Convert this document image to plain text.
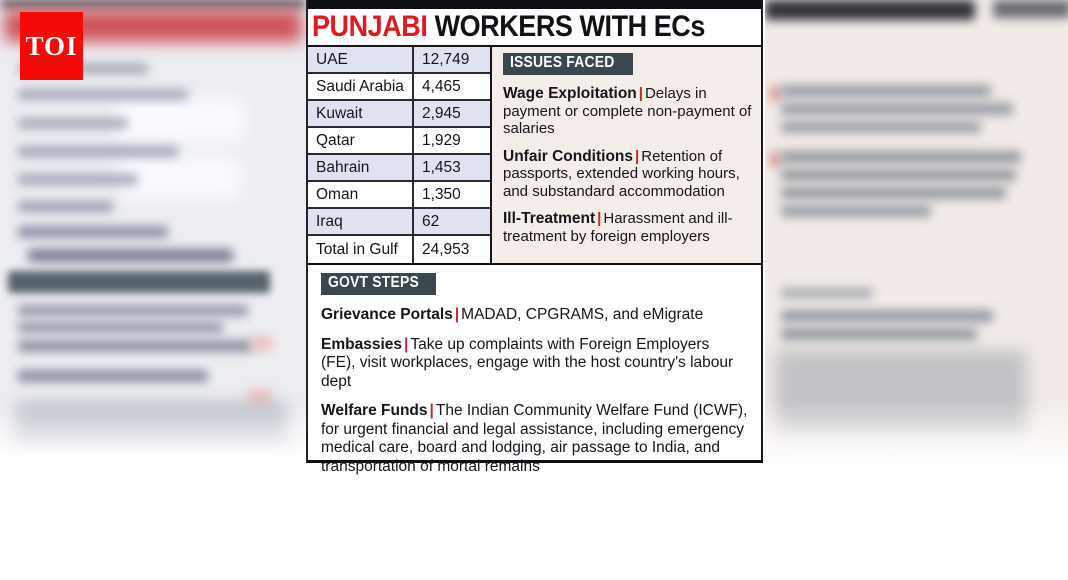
TOI
PUNJABI WORKERS WITH ECs
UAE	12,749
Saudi Arabia	4,465
Kuwait	2,945
Qatar	1,929
Bahrain	1,453
Oman	1,350
Iraq	62
Total in Gulf	24,953
ISSUES FACED
Wage Exploitation | Delays in payment or complete non-payment of salaries
Unfair Conditions | Retention of passports, extended working hours, and substandard accommodation
Ill-Treatment | Harassment and ill-treatment by foreign employers
GOVT STEPS
Grievance Portals | MADAD, CPGRAMS, and eMigrate
Embassies | Take up complaints with Foreign Employers (FE), visit workplaces, engage with the host country's labour dept
Welfare Funds | The Indian Community Welfare Fund (ICWF), for urgent financial and legal assistance, including emergency medical care, board and lodging, air passage to India, and transportation of mortal remains
